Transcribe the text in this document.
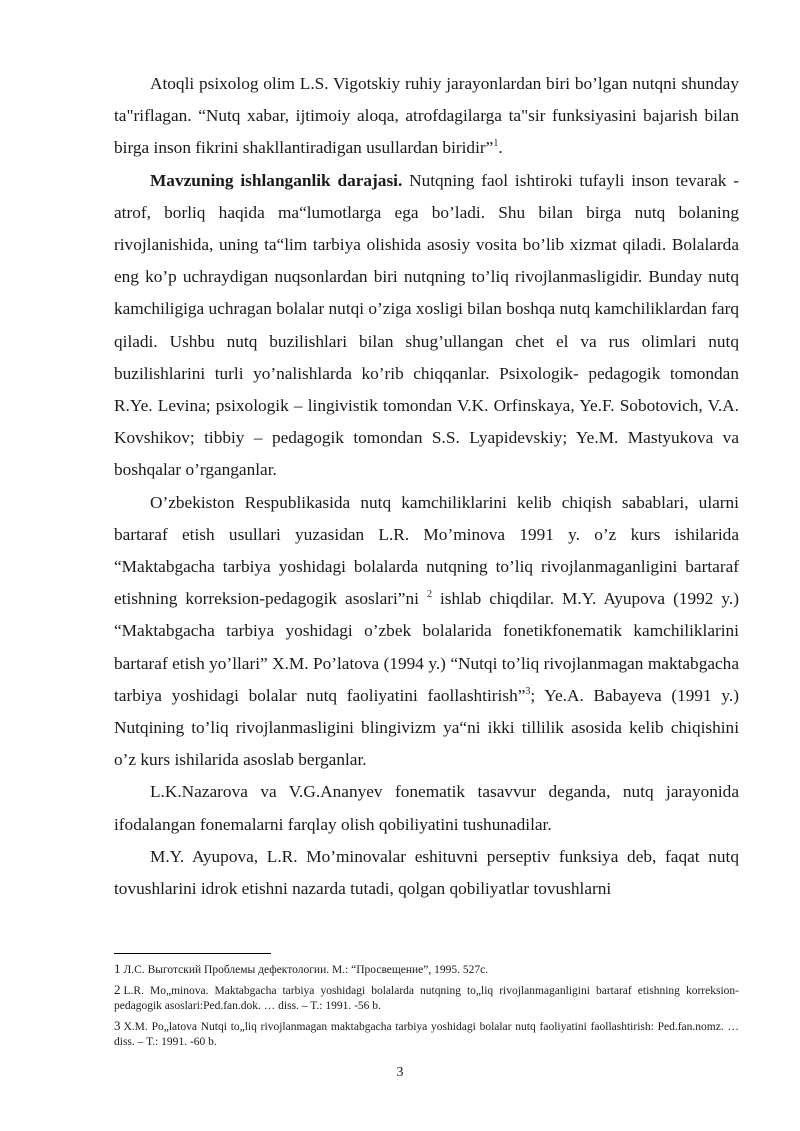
Atoqli psixolog olim L.S. Vigotskiy ruhiy jarayonlardan biri bo’lgan nutqni shunday ta"riflagan. “Nutq xabar, ijtimoiy aloqa, atrofdagilarga ta"sir funksiyasini bajarish bilan birga inson fikrini shakllantiradigan usullardan biridir”$^1$.

Mavzuning ishlanganlik darajasi. Nutqning faol ishtiroki tufayli inson tevarak - atrof, borliq haqida ma“lumotlarga ega bo’ladi. Shu bilan birga nutq bolaning rivojlanishida, uning ta“lim tarbiya olishida asosiy vosita bo’lib xizmat qiladi. Bolalarda eng ko’p uchraydigan nuqsonlardan biri nutqning to’liq rivojlanmasligidir. Bunday nutq kamchiligiga uchragan bolalar nutqi o’ziga xosligi bilan boshqa nutq kamchiliklardan farq qiladi. Ushbu nutq buzilishlari bilan shug’ullangan chet el va rus olimlari nutq buzilishlarini turli yo’nalishlarda ko’rib chiqqanlar. Psixologik- pedagogik tomondan R.Ye. Levina; psixologik – lingivistik tomondan V.K. Orfinskaya, Ye.F. Sobotovich, V.A. Kovshikov; tibbiy – pedagogik tomondan S.S. Lyapidevskiy; Ye.M. Mastyukova va boshqalar o’rganganlar.

O’zbekiston Respublikasida nutq kamchiliklarini kelib chiqish sabablari, ularni bartaraf etish usullari yuzasidan L.R. Mo’minova 1991 y. o’z kurs ishilarida “Maktabgacha tarbiya yoshidagi bolalarda nutqning to’liq rivojlanmaganligini bartaraf etishning korreksion-pedagogik asoslari”ni $^2$ ishlab chiqdilar. M.Y. Ayupova (1992 y.) “Maktabgacha tarbiya yoshidagi o’zbek bolalarida fonetikfonematik kamchiliklarini bartaraf etish yo’llari” X.M. Po’latova (1994 y.) “Nutqi to’liq rivojlanmagan maktabgacha tarbiya yoshidagi bolalar nutq faoliyatini faollashtirish”$^3$; Ye.A. Babayeva (1991 y.) Nutqining to’liq rivojlanmasligini blingivizm ya“ni ikki tillilik asosida kelib chiqishini o’z kurs ishilarida asoslab berganlar.

L.K.Nazarova va V.G.Ananyev fonematik tasavvur deganda, nutq jarayonida ifodalangan fonemalarni farqlay olish qobiliyatini tushunadilar.

M.Y. Ayupova, L.R. Mo’minovalar eshituvni perseptiv funksiya deb, faqat nutq tovushlarini idrok etishni nazarda tutadi, qolgan qobiliyatlar tovushlarni

1 Л.С. Выготский Проблемы дефектологии. М.: “Просвещение”, 1995. 527с.

2 L.R. Mo„minova. Maktabgacha tarbiya yoshidagi bolalarda nutqning to„liq rivojlanmaganligini bartaraf etishning korreksion-pedagogik asoslari:Ped.fan.dok. … diss. – T.: 1991. -56 b.

3 X.M. Po„latova Nutqi to„liq rivojlanmagan maktabgacha tarbiya yoshidagi bolalar nutq faoliyatini faollashtirish: Ped.fan.nomz. … diss. – T.: 1991. -60 b.

3
